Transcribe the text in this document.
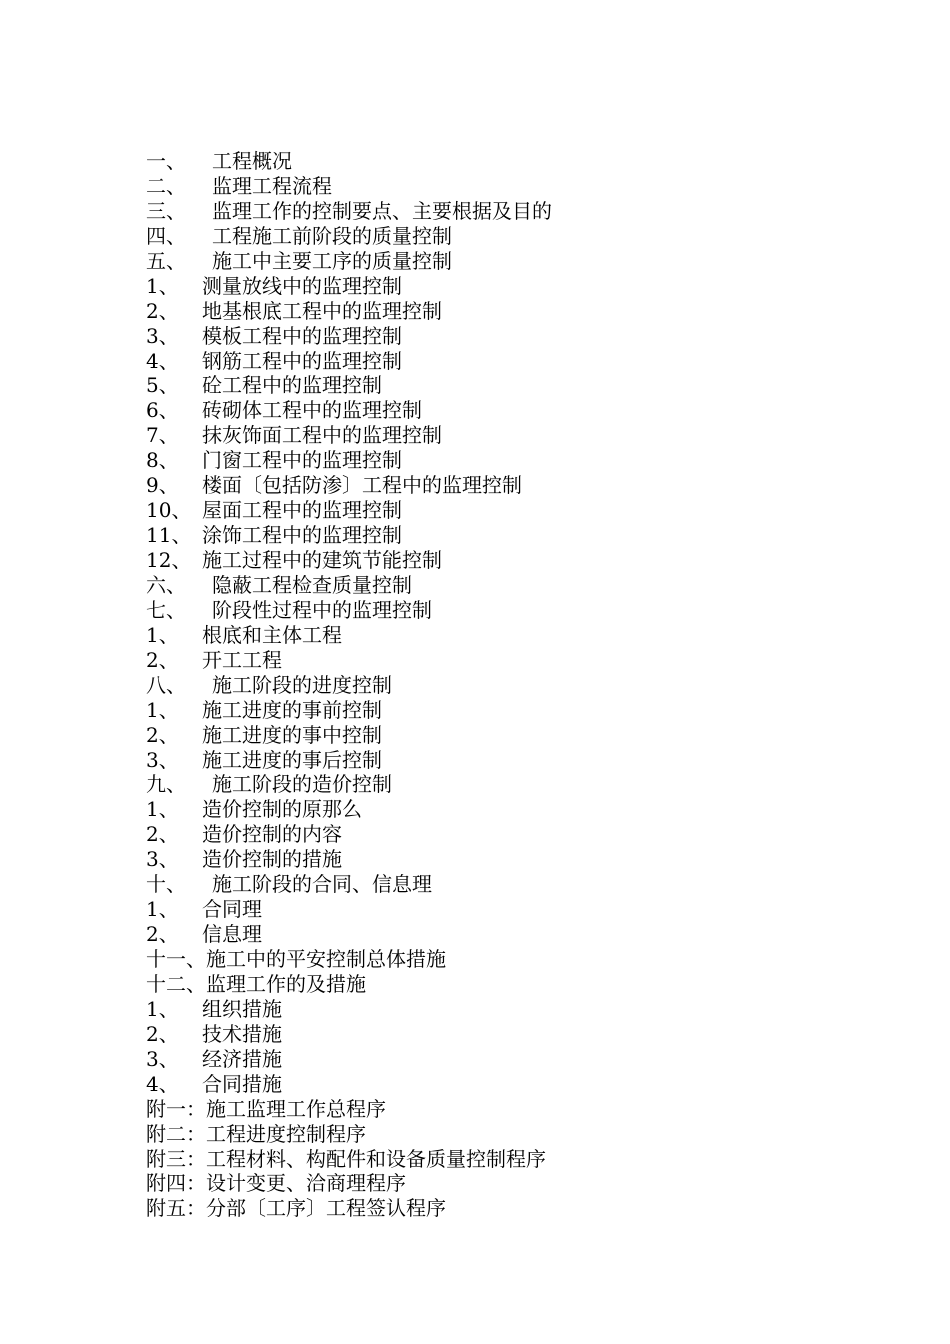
一、	工程概况
二、	监理工程流程
三、	监理工作的控制要点、主要根据及目的
四、	工程施工前阶段的质量控制
五、	施工中主要工序的质量控制
1、	测量放线中的监理控制
2、	地基根底工程中的监理控制
3、	模板工程中的监理控制
4、	钢筋工程中的监理控制
5、	砼工程中的监理控制
6、	砖砌体工程中的监理控制
7、	抹灰饰面工程中的监理控制
8、	门窗工程中的监理控制
9、	楼面〔包括防渗〕工程中的监理控制
10、 屋面工程中的监理控制
11、 涂饰工程中的监理控制
12、 施工过程中的建筑节能控制
六、	隐蔽工程检查质量控制
七、	阶段性过程中的监理控制
1、	根底和主体工程
2、	开工工程
八、	施工阶段的进度控制
1、	施工进度的事前控制
2、	施工进度的事中控制
3、	施工进度的事后控制
九、	施工阶段的造价控制
1、	造价控制的原那么
2、	造价控制的内容
3、	造价控制的措施
十、	施工阶段的合同、信息理
1、	合同理
2、	信息理
十一、 施工中的平安控制总体措施
十二、 监理工作的及措施
1、	组织措施
2、	技术措施
3、	经济措施
4、	合同措施
附一： 施工监理工作总程序
附二： 工程进度控制程序
附三： 工程材料、构配件和设备质量控制程序
附四： 设计变更、洽商理程序
附五： 分部〔工序〕工程签认程序
